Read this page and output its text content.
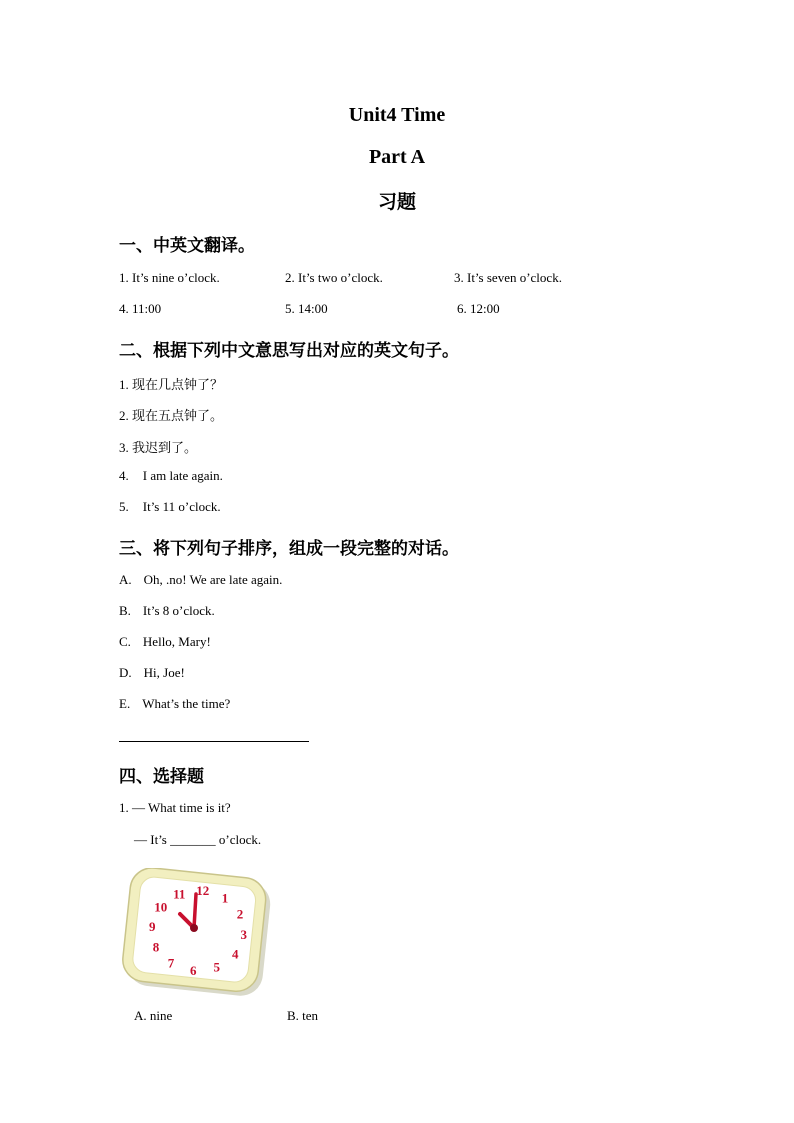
Unit4 Time
Part A
习题
一、中英文翻译。
1. It’s nine o’clock.	2. It’s two o’clock.	3. It’s seven o’clock.
4. 11:00	5. 14:00	6. 12:00
二、根据下列中文意思写出对应的英文句子。
1. 现在几点钟了？
2. 现在五点钟了。
3. 我迟到了。
4. I am late again.
5. It’s 11 o’clock.
三、将下列句子排序，组成一段完整的对话。
A. Oh, .no! We are late again.
B. It’s 8 o’clock.
C. Hello, Mary!
D. Hi, Joe!
E. What’s the time?
四、选择题
1. — What time is it?
— It’s _______ o’clock.
12 1
2
3
4
5
6
7
8
9
10
11
A. nine	B. ten
